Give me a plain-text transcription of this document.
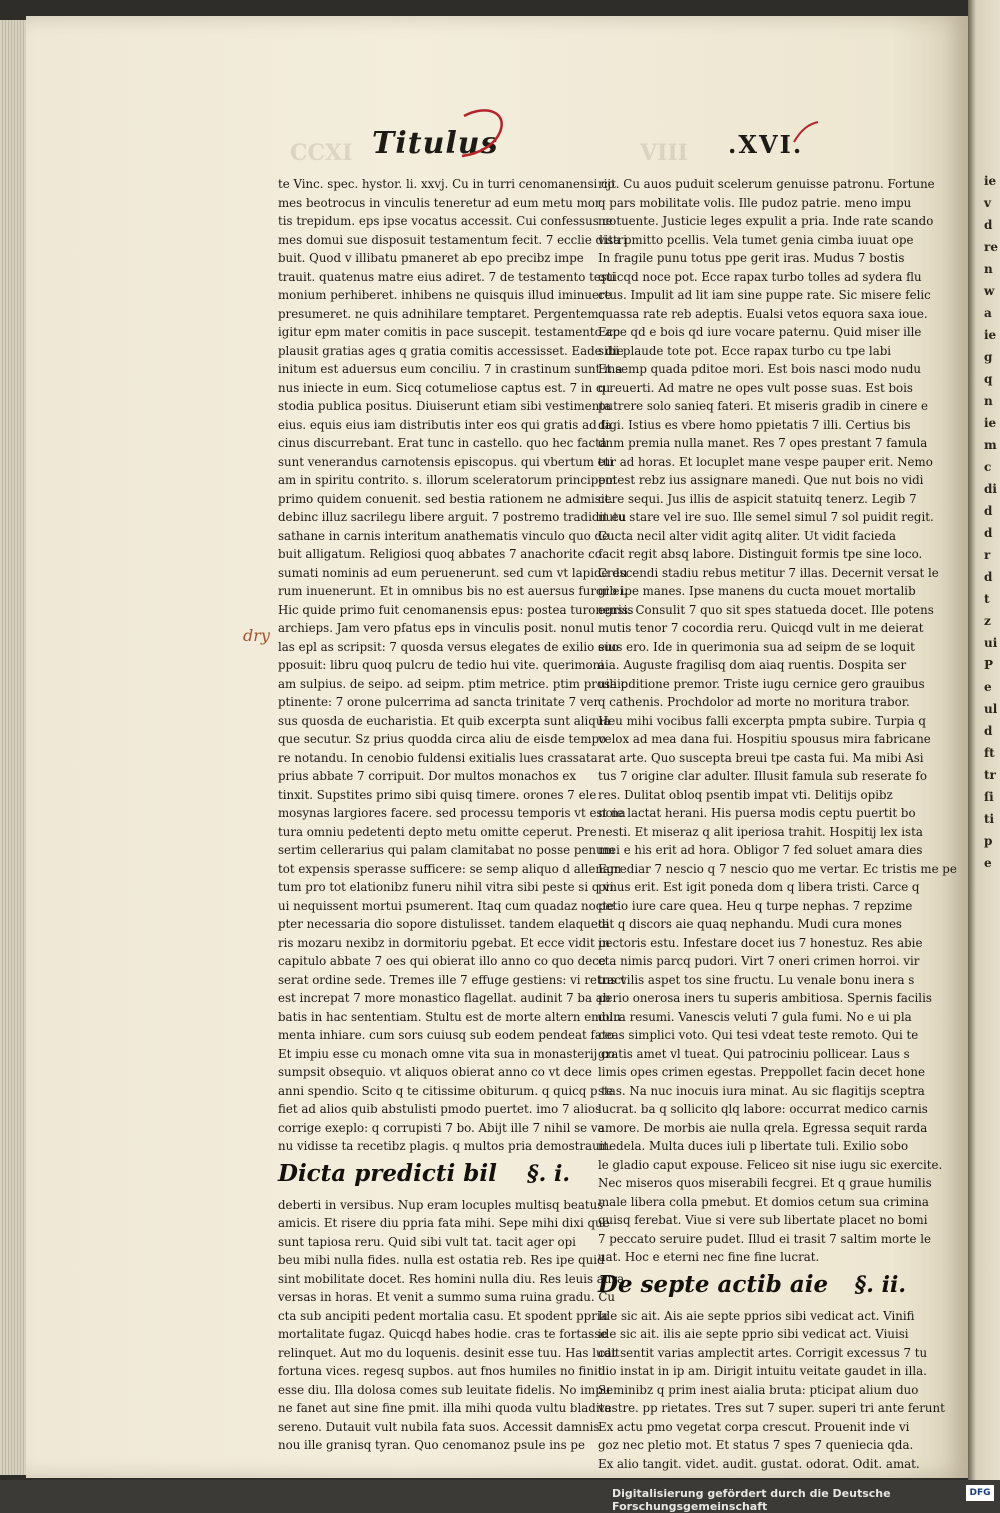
ie
v
d
re
n
w
a
ie
g
q
n
ie
m
c
di
d
d
r
d
t
z
ui
P
e
ul
d
ft
tr
ſi
ti
p
e
CCXI	VIII
Titulus	.XVI.
dry
te Vinc. spec. hystor. li. xxvj. Cu in turri cenomanensi co
mes beotrocus in vinculis teneretur ad eum metu mor
tis trepidum. eps ipse vocatus accessit. Cui confessus co
mes domui sue disposuit testamentum fecit. 7 ecclie distri
buit. Quod v illibatu pmaneret ab epo precibz impe
trauit. quatenus matre eius adiret. 7 de testamento testi
monium perhiberet. inhibens ne quisquis illud iminuere
presumeret. ne quis adnihilare temptaret. Pergentem
igitur epm mater comitis in pace suscepit. testamento ap
plausit gratias ages q gratia comitis accessisset. Eade die
initum est aduersus eum conciliu. 7 in crastinum sunt ma
nus iniecte in eum. Sicq cotumeliose captus est. 7 in cu
stodia publica positus. Diuiserunt etiam sibi vestimenta
eius. equis eius iam distributis inter eos qui gratis ad fa
cinus discurrebant. Erat tunc in castello. quo hec facta
sunt venerandus carnotensis episcopus. qui vbertum eti
am in spiritu contrito. s. illorum sceleratorum principem
primo quidem conuenit. sed bestia rationem ne admisit.
debinc illuz sacrilegu libere arguit. 7 postremo tradidit eu
sathane in carnis interitum anathematis vinculo quo de
buit alligatum. Religiosi quoq abbates 7 anachorite co
sumati nominis ad eum peruenerunt. sed cum vt lapide du
rum inuenerunt. Et in omnibus bis no est auersus furor ei.
Hic quide primo fuit cenomanensis epus: postea turonensis
archieps. Jam vero pfatus eps in vinculis posit. nonul
las epl as scripsit: 7 quosda versus elegates de exilio suo
pposuit: libru quoq pulcru de tedio hui vite. querimoni
am sulpius. de seipo. ad seipm. ptim metrice. ptim prosaic
ptinente: 7 orone pulcerrima ad sancta trinitate 7 ver
sus quosda de eucharistia. Et quib excerpta sunt aliqua
que secutur. Sz prius quodda circa aliu de eisde tempo
re notandu. In cenobio fuldensi exitialis lues crassata
prius abbate 7 corripuit. Dor multos monachos ex
tinxit. Supstites primo sibi quisq timere. orones 7 ele
mosynas largiores facere. sed processu temporis vt est na
tura omniu pedetenti depto metu omitte ceperut. Pre
sertim cellerarius qui palam clamitabat no posse penum
tot expensis sperasse sufficere: se semp aliquo d allenam
tum pro tot elationibz funeru nihil vitra sibi peste si q vi
ui nequissent mortui psumerent. Itaq cum quadaz nocte
pter necessaria dio sopore distulisset. tandem elaqueta
ris mozaru nexibz in dormitoriu pgebat. Et ecce vidit in
capitulo abbate 7 oes qui obierat illo anno co quo dece
serat ordine sede. Tremes ille 7 effuge gestiens: vi retract
est increpat 7 more monastico flagellat. audinit 7 ba ab
batis in hac sententiam. Stultu est de morte altern emolu
menta inhiare. cum sors cuiusq sub eodem pendeat fato
Et impiu esse cu monach omne vita sua in monasterij co
sumpsit obsequio. vt aliquos obierat anno co vt dece
anni spendio. Scito q te citissime obiturum. q quicq p te
fiet ad alios quib abstulisti pmodo puertet. imo 7 alios
corrige exeplo: q corrupisti 7 bo. Abijt ille 7 nihil se va
nu vidisse ta recetibz plagis. q multos pria demostrauit.
Dicta predicti bil §. i.
deberti in versibus. Nup eram locuples multisq beatus
amicis. Et risere diu ppria fata mihi. Sepe mihi dixi que
sunt tapiosa reru. Quid sibi vult tat. tacit ager opi
beu mibi nulla fides. nulla est ostatia reb. Res ipe quid
sint mobilitate docet. Res homini nulla diu. Res leuis aura
versas in horas. Et venit a summo suma ruina gradu. Cu
cta sub ancipiti pedent mortalia casu. Et spodent ppria
mortalitate fugaz. Quicqd habes hodie. cras te fortasse
relinquet. Aut mo du loquenis. desinit esse tuu. Has ludit
fortuna vices. regesq supbos. aut fnos humiles no finit
esse diu. Illa dolosa comes sub leuitate fidelis. No impu
ne fanet aut sine fine pmit. illa mihi quoda vultu bladita
sereno. Dutauit vult nubila fata suos. Accessit damnis
nou ille granisq tyran. Quo cenomanoz psule ins pe
rijt. Cu auos puduit scelerum genuisse patronu. Fortune
q pars mobilitate volis. Ille pudoz patrie. meno impu
ne tuente. Justicie leges expulit a pria. Inde rate scando
vita pmitto pcellis. Vela tumet genia cimba iuuat ope
In fragile punu totus ppe gerit iras. Mudus 7 bostis
quicqd noce pot. Ecce rapax turbo tolles ad sydera flu
ctus. Impulit ad lit iam sine puppe rate. Sic misere felic
quassa rate reb adeptis. Eualsi vetos equora saxa ioue.
Ecce qd e bois qd iure vocare paternu. Quid miser ille
sibi plaude tote pot. Ecce rapax turbo cu tpe labi
Et semp quada pditoe mori. Est bois nasci modo nudu
q reuerti. Ad matre ne opes vult posse suas. Est bois
putrere solo sanieq fateri. Et miseris gradib in cinere e
digi. Istius es vbere homo ppietatis 7 illi. Certius bis
dnm premia nulla manet. Res 7 opes prestant 7 famula
tur ad horas. Et locuplet mane vespe pauper erit. Nemo
potest rebz ius assignare manedi. Que nut bois no vidi
cere sequi. Jus illis de aspicit statuitq tenerz. Legib 7
nutu stare vel ire suo. Ille semel simul 7 sol puidit regit.
Cucta necil alter vidit agitq aliter. Ut vidit facieda
facit regit absq labore. Distinguit formis tpe sine loco.
Crescendi stadiu rebus metitur 7 illas. Decernit versat le
gib ipe manes. Ipse manens du cucta mouet mortalib
egris. Consulit 7 quo sit spes statueda docet. Ille potens
mutis tenor 7 cocordia reru. Quicqd vult in me deierat
eius ero. Ide in querimonia sua ad seipm de se loquit
aia. Auguste fragilisq dom aiaq ruentis. Dospita ser
uili pditione premor. Triste iugu cernice gero grauibus
q cathenis. Prochdolor ad morte no moritura trabor.
Heu mihi vocibus falli excerpta pmpta subire. Turpia q
velox ad mea dana fui. Hospitiu spousus mira fabricane
rat arte. Quo suscepta breui tpe casta fui. Ma mibi Asi
tus 7 origine clar adulter. Illusit famula sub reserate fo
res. Dulitat obloq psentib impat vti. Delitijs opibz
noie lactat herani. His puersa modis ceptu puertit bo
nesti. Et miseraz q alit iperiosa trahit. Hospitij lex ista
mei e his erit ad hora. Obligor 7 fed soluet amara dies
Egrediar 7 nescio q 7 nescio quo me vertar. Ec tristis me pe
pinus erit. Est igit poneda dom q libera tristi. Carce q
petio iure care quea. Heu q turpe nephas. 7 repzime
dit q discors aie quaq nephandu. Mudi cura mones
pectoris estu. Infestare docet ius 7 honestuz. Res abie
cta nimis parcq pudori. Virt 7 oneri crimen horroi. vir
tus vilis aspet tos sine fructu. Lu venale bonu inera s
perio onerosa iners tu superis ambitiosa. Spernis facilis
dura resumi. Vanescis veluti 7 gula fumi. No e ui pla
ceas simplici voto. Qui tesi vdeat teste remoto. Qui te
gratis amet vl tueat. Qui patrociniu pollicear. Laus s
limis opes crimen egestas. Preppollet facin decet hone
stas. Na nuc inocuis iura minat. Au sic flagitijs sceptra
lucrat. ba q sollicito qlq labore: occurrat medico carnis
amore. De morbis aie nulla qrela. Egressa sequit rarda
medela. Multa duces iuli p libertate tuli. Exilio sobo
le gladio caput expouse. Feliceo sit nise iugu sic exercite.
Nec miseros quos miserabili fecgrei. Et q graue humilis
male libera colla pmebut. Et domios cetum sua crimina
quisq ferebat. Viue si vere sub libertate placet no bomi
7 peccato seruire pudet. Illud ei trasit 7 saltim morte le
uat. Hoc e eterni nec fine fine lucrat.
De septe actib aie §. ii.
Ide sic ait. Ais aie septe pprios sibi vedicat act. Vinifi
ide sic ait. ilis aie septe pprio sibi vedicat act. Viuisi
cat sentit varias amplectit artes. Corrigit excessus 7 tu
dio instat in ip am. Dirigit intuitu veitate gaudet in illa.
Seminibz q prim inest aialia bruta: pticipat alium duo
vestre. pp rietates. Tres sut 7 super. superi tri ante ferunt
Ex actu pmo vegetat corpa crescut. Prouenit inde vi
goz nec pletio mot. Et status 7 spes 7 queniecia qda.
Ex alio tangit. videt. audit. gustat. odorat. Odit. amat.
Digitalisierung gefördert durch die Deutsche Forschungsgemeinschaft
DFG
